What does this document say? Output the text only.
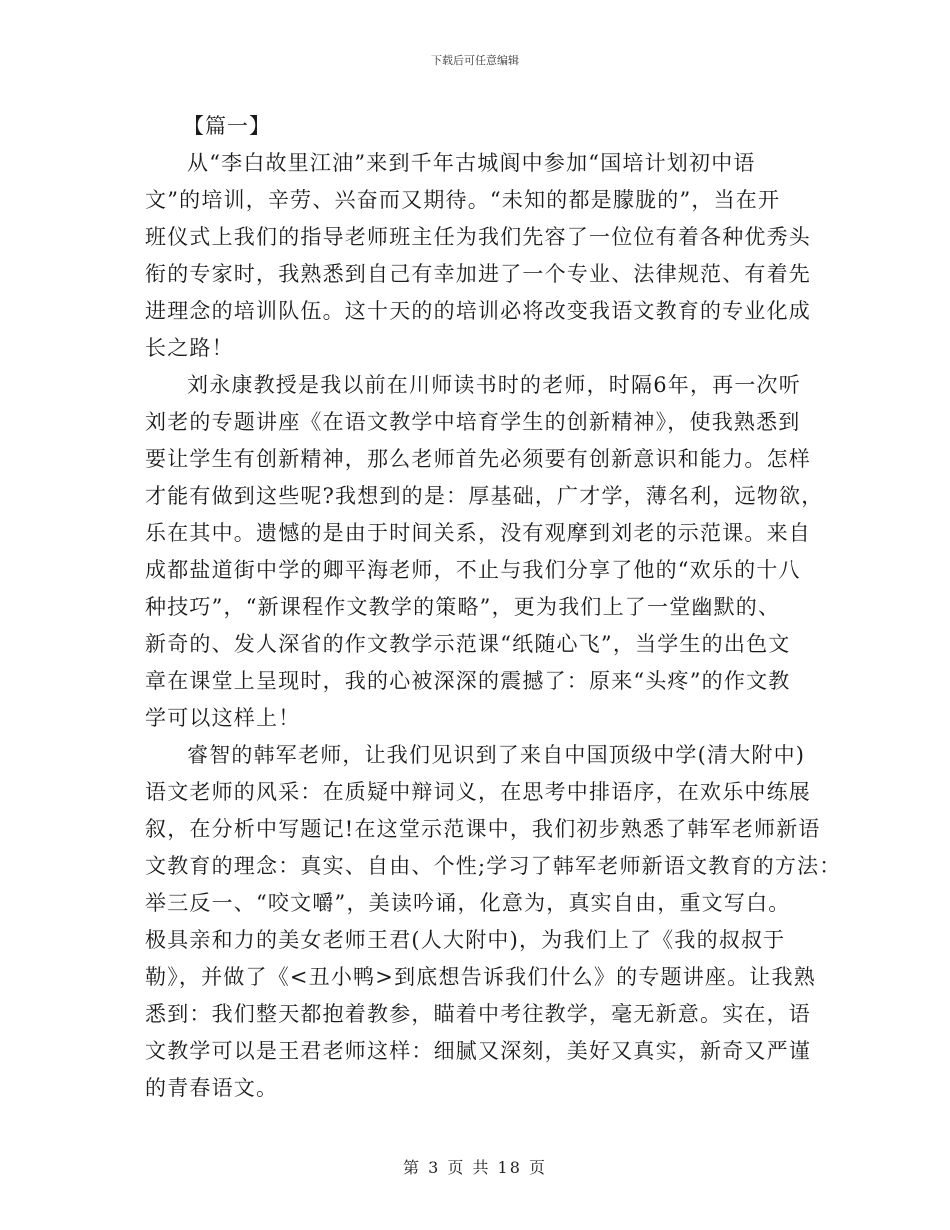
下载后可任意编辑
【篇一】
从“李白故里江油”来到千年古城阆中参加“国培计划初中语
文”的培训，辛劳、兴奋而又期待。“未知的都是朦胧的”，当在开
班仪式上我们的指导老师班主任为我们先容了一位位有着各种优秀头
衔的专家时，我熟悉到自己有幸加进了一个专业、法律规范、有着先
进理念的培训队伍。这十天的的培训必将改变我语文教育的专业化成
长之路！
刘永康教授是我以前在川师读书时的老师，时隔6年，再一次听
刘老的专题讲座《在语文教学中培育学生的创新精神》，使我熟悉到
要让学生有创新精神，那么老师首先必须要有创新意识和能力。怎样
才能有做到这些呢?我想到的是：厚基础，广才学，薄名利，远物欲，
乐在其中。遗憾的是由于时间关系，没有观摩到刘老的示范课。来自
成都盐道街中学的卿平海老师，不止与我们分享了他的“欢乐的十八
种技巧”，“新课程作文教学的策略”，更为我们上了一堂幽默的、
新奇的、发人深省的作文教学示范课“纸随心飞”，当学生的出色文
章在课堂上呈现时，我的心被深深的震撼了：原来“头疼”的作文教
学可以这样上！
睿智的韩军老师，让我们见识到了来自中国顶级中学(清大附中)
语文老师的风采：在质疑中辩词义，在思考中排语序，在欢乐中练展
叙，在分析中写题记!在这堂示范课中，我们初步熟悉了韩军老师新语
文教育的理念：真实、自由、个性;学习了韩军老师新语文教育的方法：
举三反一、“咬文嚼”，美读吟诵，化意为，真实自由，重文写白。
极具亲和力的美女老师王君(人大附中)，为我们上了《我的叔叔于
勒》，并做了《<丑小鸭>到底想告诉我们什么》的专题讲座。让我熟
悉到：我们整天都抱着教参，瞄着中考往教学，毫无新意。实在，语
文教学可以是王君老师这样：细腻又深刻，美好又真实，新奇又严谨
的青春语文。
第 3 页 共 18 页
